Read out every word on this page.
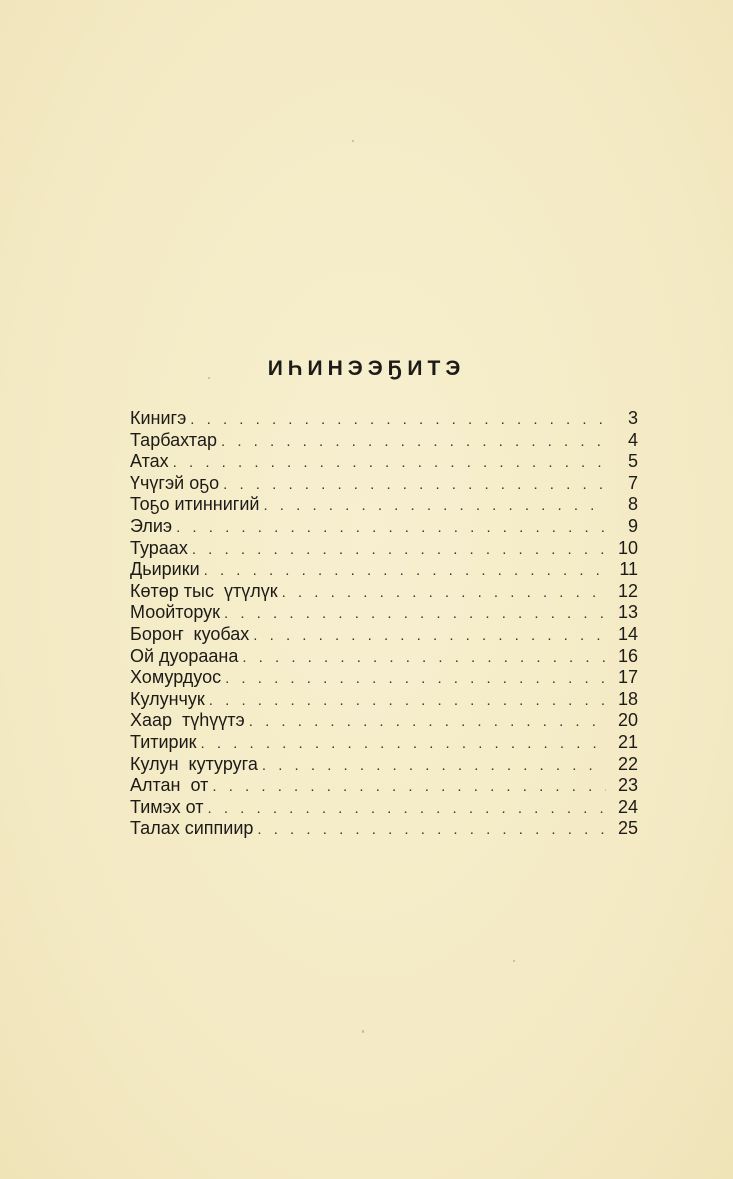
ИҺИНЭЭҔИТЭ
Кинигэ . . .	3
Тарбахтар . . .	4
Атах . . .	5
Үчүгэй оҕо . . .	7
Тоҕо итиннигий . . .	8
Элиэ . . .	9
Тураах . . .	10
Дьирики . . .	11
Көтөр тыс  үтүлүк . . .	12
Моойторук . . .	13
Бороҥ  куобах . . .	14
Ой дуораана . . .	16
Хомурдуос . . .	17
Кулунчук . . .	18
Хаар  түһүүтэ . . .	20
Титирик . . .	21
Кулун  кутуруга . . .	22
Алтан  от . . .	23
Тимэх от . . .	24
Талах сиппиир . . .	25
